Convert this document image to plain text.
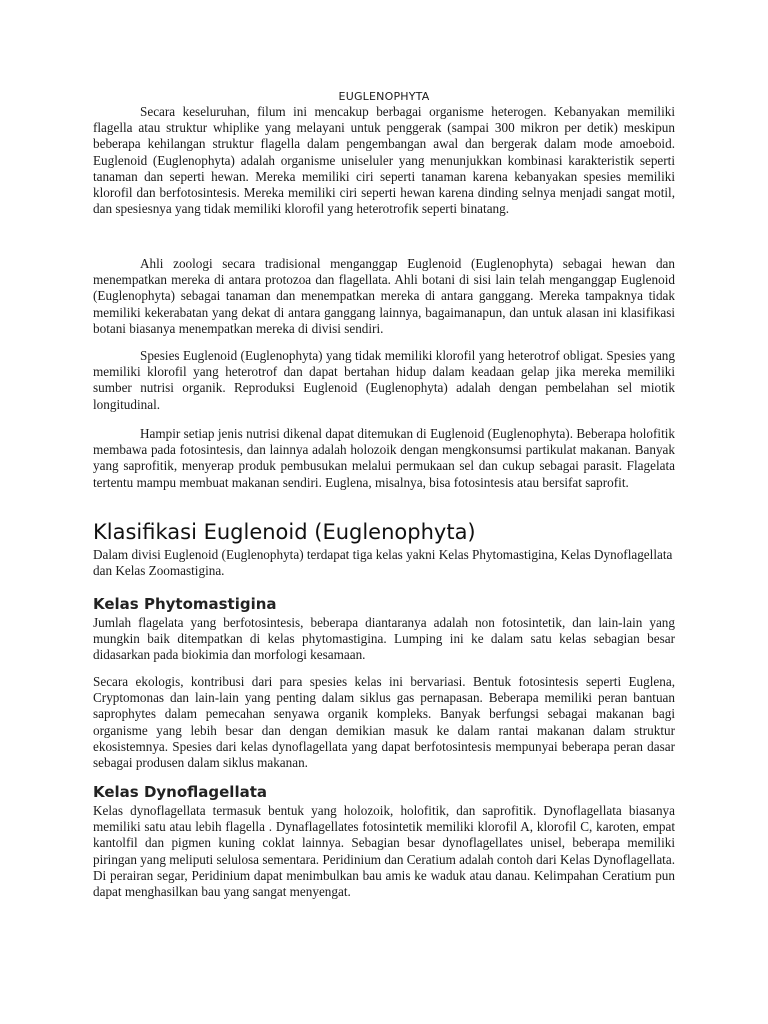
EUGLENOPHYTA

Secara keseluruhan, filum ini mencakup berbagai organisme heterogen. Kebanyakan memiliki flagella atau struktur whiplike yang melayani untuk penggerak (sampai 300 mikron per detik) meskipun beberapa kehilangan struktur flagella dalam pengembangan awal dan bergerak dalam mode amoeboid. Euglenoid (Euglenophyta) adalah organisme uniseluler yang menunjukkan kombinasi karakteristik seperti tanaman dan seperti hewan. Mereka memiliki ciri seperti tanaman karena kebanyakan spesies memiliki klorofil dan berfotosintesis. Mereka memiliki ciri seperti hewan karena dinding selnya menjadi sangat motil, dan spesiesnya yang tidak memiliki klorofil yang heterotrofik seperti binatang.

Ahli zoologi secara tradisional menganggap Euglenoid (Euglenophyta) sebagai hewan dan menempatkan mereka di antara protozoa dan flagellata. Ahli botani di sisi lain telah menganggap Euglenoid (Euglenophyta) sebagai tanaman dan menempatkan mereka di antara ganggang. Mereka tampaknya tidak memiliki kekerabatan yang dekat di antara ganggang lainnya, bagaimanapun, dan untuk alasan ini klasifikasi botani biasanya menempatkan mereka di divisi sendiri.

Spesies Euglenoid (Euglenophyta) yang tidak memiliki klorofil yang heterotrof obligat. Spesies yang memiliki klorofil yang heterotrof dan dapat bertahan hidup dalam keadaan gelap jika mereka memiliki sumber nutrisi organik. Reproduksi Euglenoid (Euglenophyta) adalah dengan pembelahan sel miotik longitudinal.

Hampir setiap jenis nutrisi dikenal dapat ditemukan di Euglenoid (Euglenophyta). Beberapa holofitik membawa pada fotosintesis, dan lainnya adalah holozoik dengan mengkonsumsi partikulat makanan. Banyak yang saprofitik, menyerap produk pembusukan melalui permukaan sel dan cukup sebagai parasit. Flagelata tertentu mampu membuat makanan sendiri. Euglena, misalnya, bisa fotosintesis atau bersifat saprofit.

Klasifikasi Euglenoid (Euglenophyta)

Dalam divisi Euglenoid (Euglenophyta) terdapat tiga kelas yakni Kelas Phytomastigina, Kelas Dynoflagellata dan Kelas Zoomastigina.

Kelas Phytomastigina

Jumlah flagelata yang berfotosintesis, beberapa diantaranya adalah non fotosintetik, dan lain-lain yang mungkin baik ditempatkan di kelas phytomastigina. Lumping ini ke dalam satu kelas sebagian besar didasarkan pada biokimia dan morfologi kesamaan.

Secara ekologis, kontribusi dari para spesies kelas ini bervariasi. Bentuk fotosintesis seperti Euglena, Cryptomonas dan lain-lain yang penting dalam siklus gas pernapasan. Beberapa memiliki peran bantuan saprophytes dalam pemecahan senyawa organik kompleks. Banyak berfungsi sebagai makanan bagi organisme yang lebih besar dan dengan demikian masuk ke dalam rantai makanan dalam struktur ekosistemnya. Spesies dari kelas dynoflagellata yang dapat berfotosintesis mempunyai beberapa peran dasar sebagai produsen dalam siklus makanan.

Kelas Dynoflagellata

Kelas dynoflagellata termasuk bentuk yang holozoik, holofitik, dan saprofitik. Dynoflagellata biasanya memiliki satu atau lebih flagella . Dynaflagellates fotosintetik memiliki klorofil A, klorofil C, karoten, empat kantolfil dan pigmen kuning coklat lainnya. Sebagian besar dynoflagellates unisel, beberapa memiliki piringan yang meliputi selulosa sementara. Peridinium dan Ceratium adalah contoh dari Kelas Dynoflagellata. Di perairan segar, Peridinium dapat menimbulkan bau amis ke waduk atau danau. Kelimpahan Ceratium pun dapat menghasilkan bau yang sangat menyengat.
